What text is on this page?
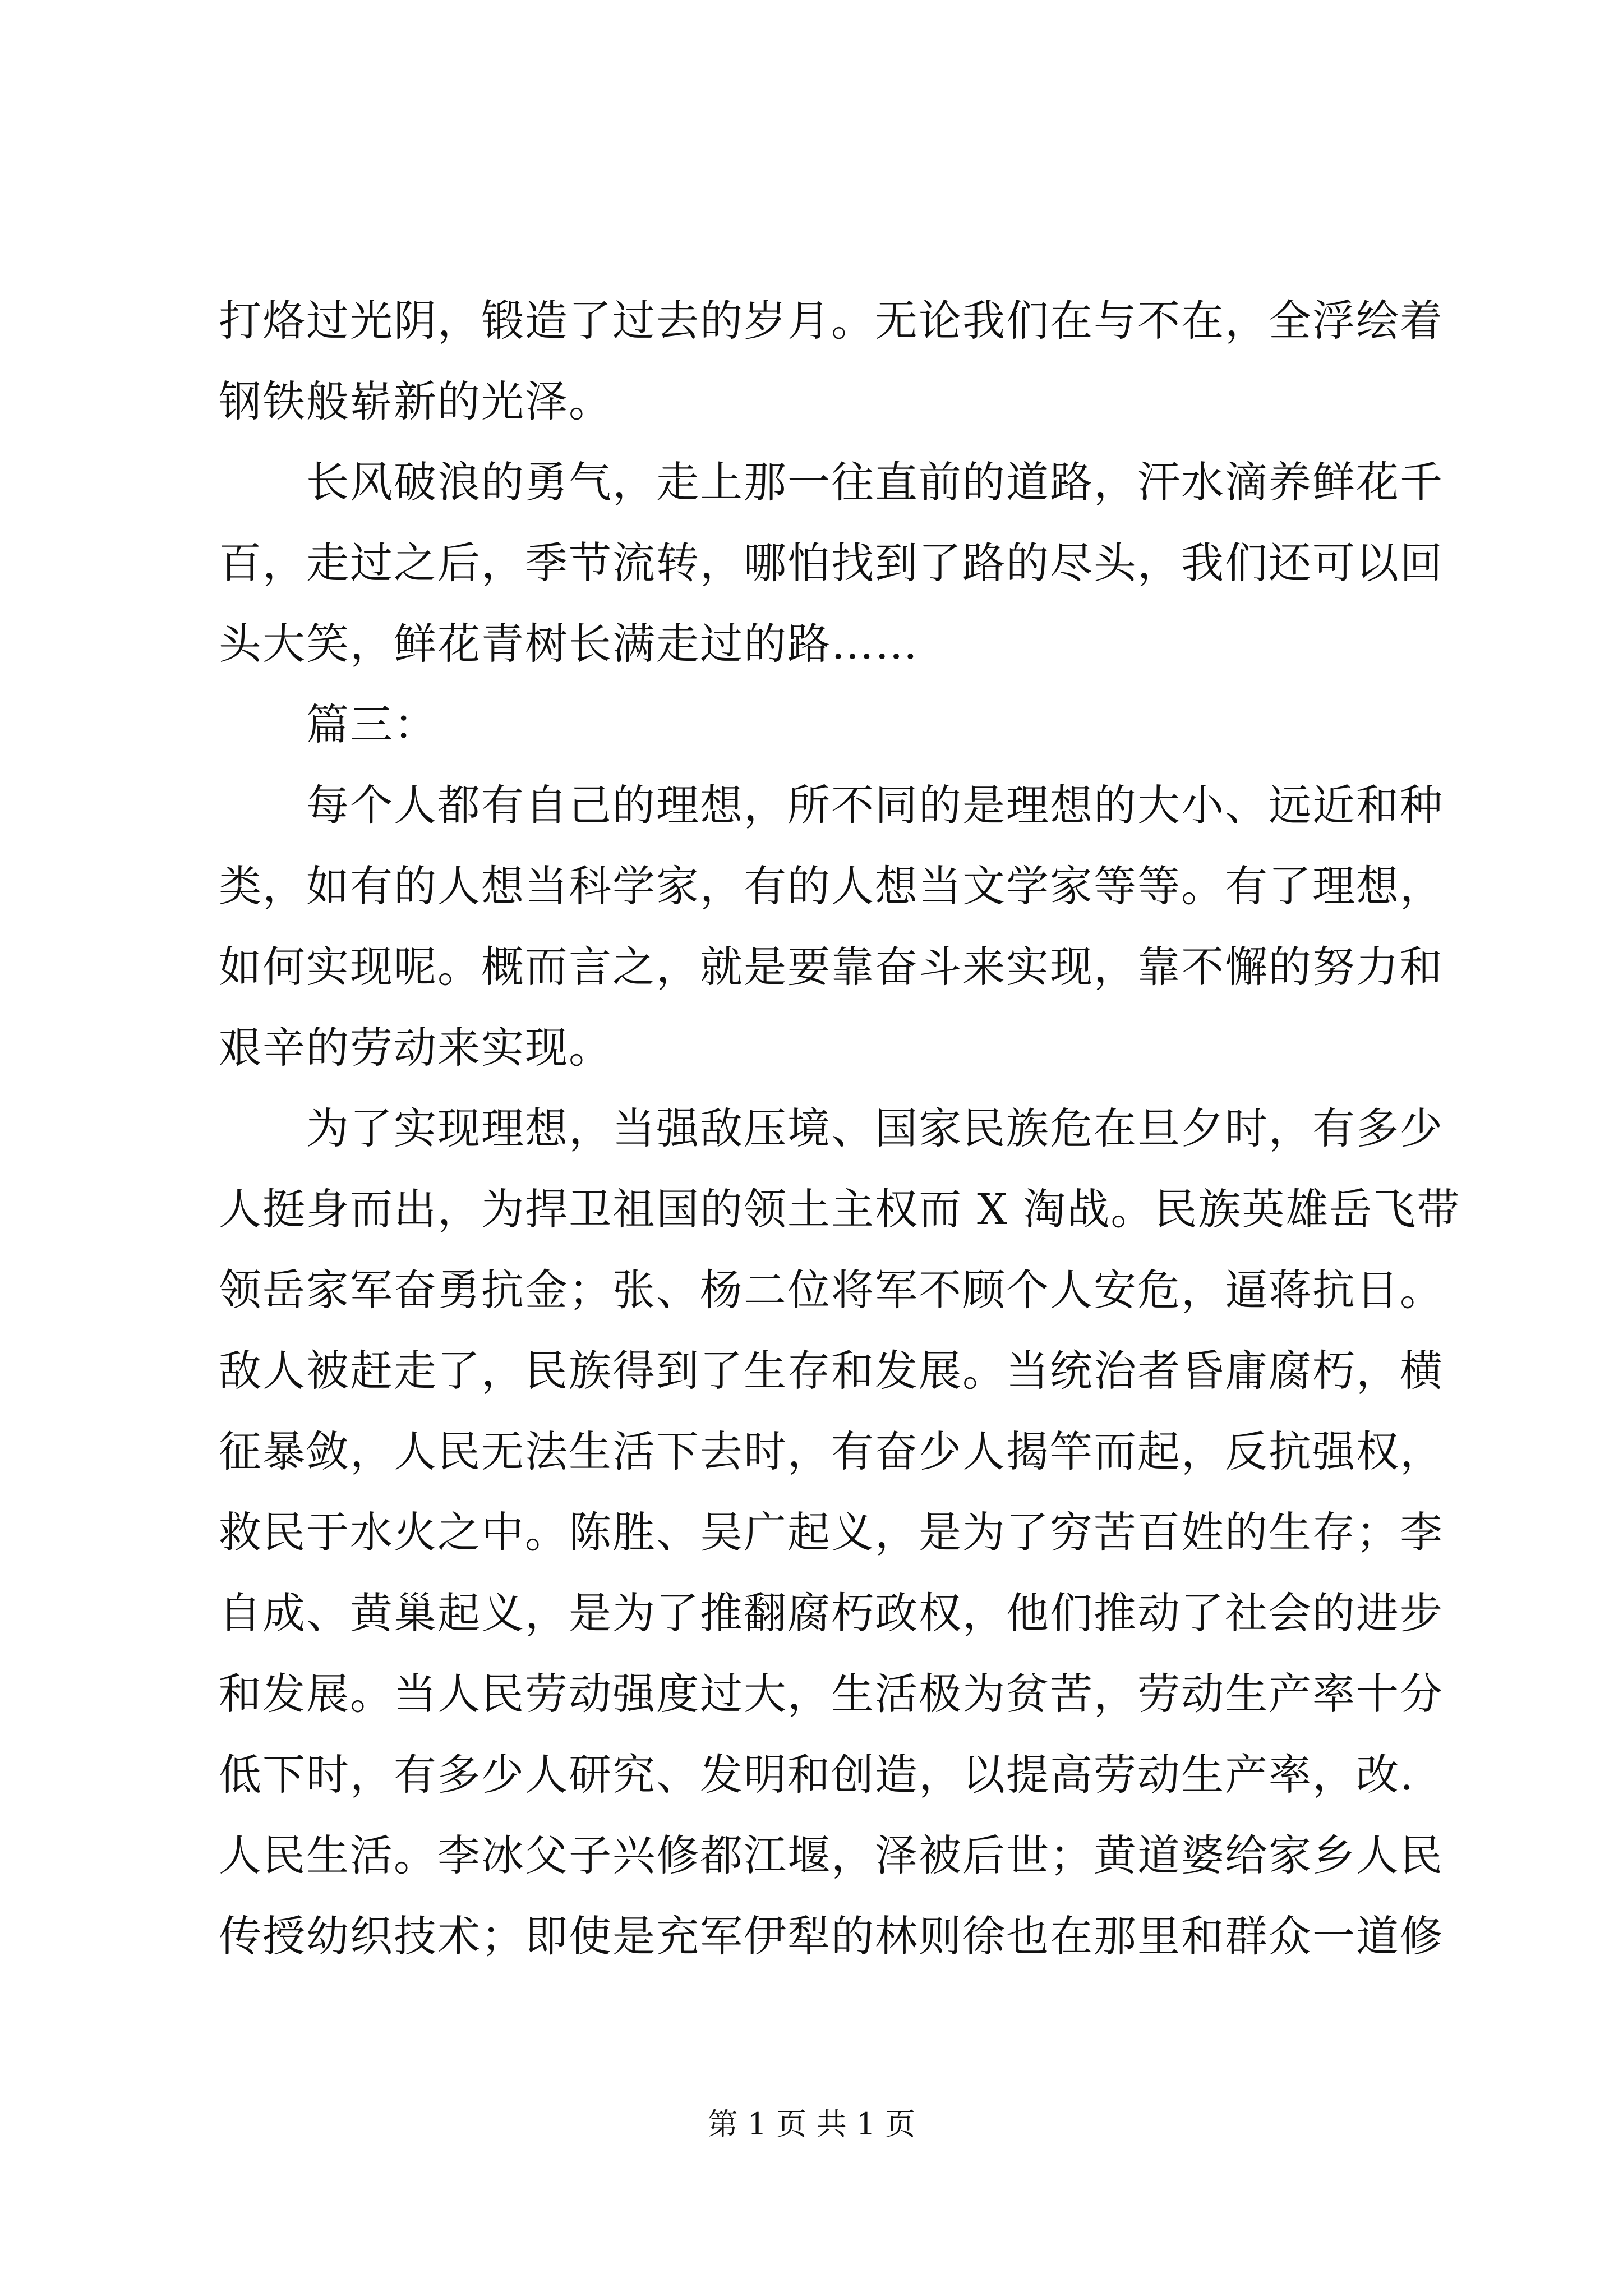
打烙过光阴，锻造了过去的岁月。无论我们在与不在，全浮绘着
钢铁般崭新的光泽。
长风破浪的勇气，走上那一往直前的道路，汗水滴养鲜花千
百，走过之后，季节流转，哪怕找到了路的尽头，我们还可以回
头大笑，鲜花青树长满走过的路……
篇三：
每个人都有自己的理想，所不同的是理想的大小、远近和种
类，如有的人想当科学家，有的人想当文学家等等。有了理想，
如何实现呢。概而言之，就是要靠奋斗来实现，靠不懈的努力和
艰辛的劳动来实现。
为了实现理想，当强敌压境、国家民族危在旦夕时，有多少
人挺身而出，为捍卫祖国的领土主权而 X 淘战。民族英雄岳飞带
领岳家军奋勇抗金；张、杨二位将军不顾个人安危，逼蒋抗日。
敌人被赶走了，民族得到了生存和发展。当统治者昏庸腐朽，横
征暴敛，人民无法生活下去时，有奋少人揭竿而起，反抗强权，
救民于水火之中。陈胜、吴广起义，是为了穷苦百姓的生存；李
自成、黄巢起义，是为了推翻腐朽政权，他们推动了社会的进步
和发展。当人民劳动强度过大，生活极为贫苦，劳动生产率十分
低下时，有多少人研究、发明和创造，以提高劳动生产率，改.
人民生活。李冰父子兴修都江堰，泽被后世；黄道婆给家乡人民
传授幼织技术；即使是充军伊犁的林则徐也在那里和群众一道修
第 1 页 共 1 页
